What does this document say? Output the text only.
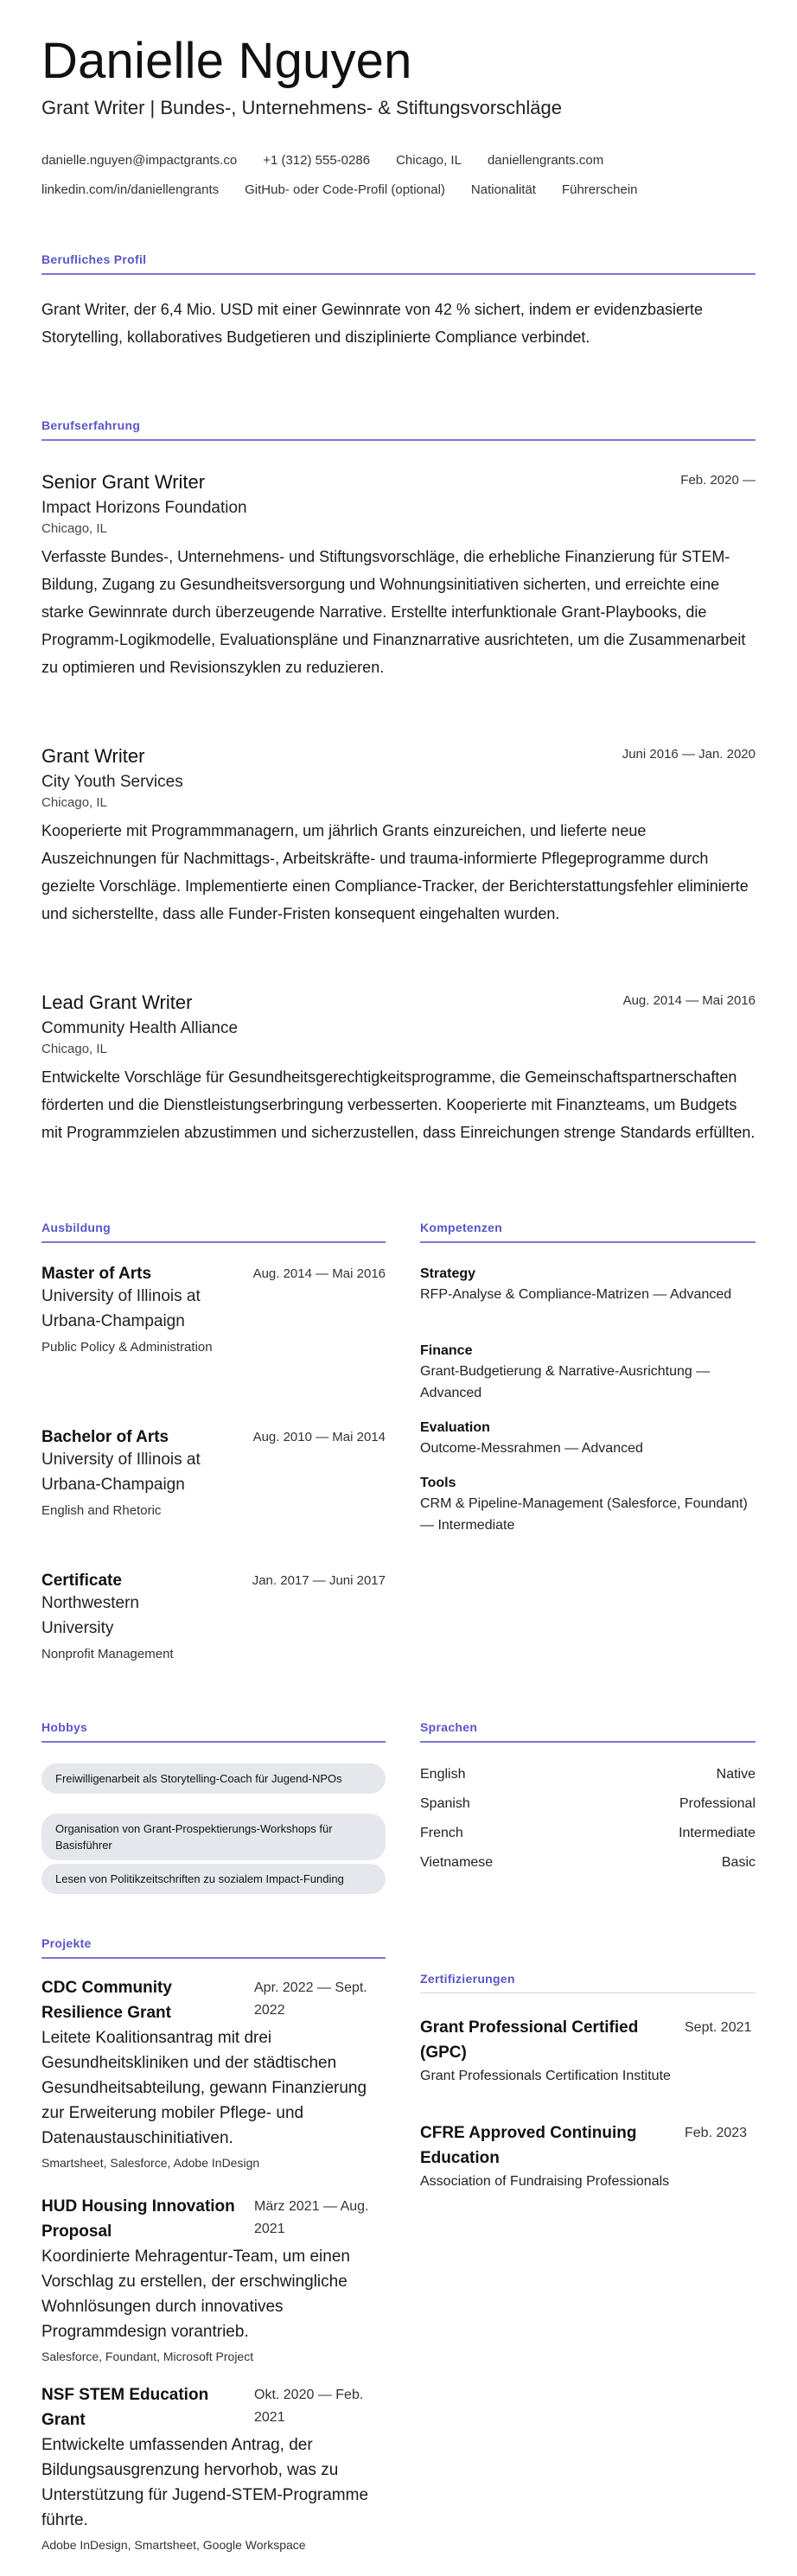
Danielle Nguyen
Grant Writer | Bundes-, Unternehmens- & Stiftungsvorschläge
danielle.nguyen@impactgrants.co +1 (312) 555-0286 Chicago, IL daniellengrants.com
linkedin.com/in/daniellengrants GitHub- oder Code-Profil (optional) Nationalität Führerschein
Berufliches Profil
Grant Writer, der 6,4 Mio. USD mit einer Gewinnrate von 42 % sichert, indem er evidenzbasierte Storytelling, kollaboratives Budgetieren und disziplinierte Compliance verbindet.
Berufserfahrung
Senior Grant Writer	Feb. 2020 —
Impact Horizons Foundation
Chicago, IL
Verfasste Bundes-, Unternehmens- und Stiftungsvorschläge, die erhebliche Finanzierung für STEM-Bildung, Zugang zu Gesundheitsversorgung und Wohnungsinitiativen sicherten, und erreichte eine starke Gewinnrate durch überzeugende Narrative. Erstellte interfunktionale Grant-Playbooks, die Programm-Logikmodelle, Evaluationspläne und Finanznarrative ausrichteten, um die Zusammenarbeit zu optimieren und Revisionszyklen zu reduzieren.
Grant Writer	Juni 2016 — Jan. 2020
City Youth Services
Chicago, IL
Kooperierte mit Programmmanagern, um jährlich Grants einzureichen, und lieferte neue Auszeichnungen für Nachmittags-, Arbeitskräfte- und trauma-informierte Pflegeprogramme durch gezielte Vorschläge. Implementierte einen Compliance-Tracker, der Berichterstattungsfehler eliminierte und sicherstellte, dass alle Funder-Fristen konsequent eingehalten wurden.
Lead Grant Writer	Aug. 2014 — Mai 2016
Community Health Alliance
Chicago, IL
Entwickelte Vorschläge für Gesundheitsgerechtigkeitsprogramme, die Gemeinschaftspartnerschaften förderten und die Dienstleistungserbringung verbesserten. Kooperierte mit Finanzteams, um Budgets mit Programmzielen abzustimmen und sicherzustellen, dass Einreichungen strenge Standards erfüllten.
Ausbildung
Master of Arts	Aug. 2014 — Mai 2016
University of Illinois at Urbana-Champaign
Public Policy & Administration
Bachelor of Arts	Aug. 2010 — Mai 2014
University of Illinois at Urbana-Champaign
English and Rhetoric
Certificate	Jan. 2017 — Juni 2017
Northwestern University
Nonprofit Management
Kompetenzen
Strategy
RFP-Analyse & Compliance-Matrizen — Advanced
Finance
Grant-Budgetierung & Narrative-Ausrichtung — Advanced
Evaluation
Outcome-Messrahmen — Advanced
Tools
CRM & Pipeline-Management (Salesforce, Foundant) — Intermediate
Hobbys
Freiwilligenarbeit als Storytelling-Coach für Jugend-NPOs
Organisation von Grant-Prospektierungs-Workshops für Basisführer
Lesen von Politikzeitschriften zu sozialem Impact-Funding
Sprachen
English	Native
Spanish	Professional
French	Intermediate
Vietnamese	Basic
Projekte
CDC Community Resilience Grant
Apr. 2022 — Sept. 2022
Leitete Koalitionsantrag mit drei Gesundheitskliniken und der städtischen Gesundheitsabteilung, gewann Finanzierung zur Erweiterung mobiler Pflege- und Datenaustauschinitiativen.
Smartsheet, Salesforce, Adobe InDesign
HUD Housing Innovation Proposal
März 2021 — Aug. 2021
Koordinierte Mehragentur-Team, um einen Vorschlag zu erstellen, der erschwingliche Wohnlösungen durch innovatives Programmdesign vorantrieb.
Salesforce, Foundant, Microsoft Project
NSF STEM Education Grant
Okt. 2020 — Feb. 2021
Entwickelte umfassenden Antrag, der Bildungsausgrenzung hervorhob, was zu Unterstützung für Jugend-STEM-Programme führte.
Adobe InDesign, Smartsheet, Google Workspace
Zertifizierungen
Grant Professional Certified (GPC)
Sept. 2021
Grant Professionals Certification Institute
CFRE Approved Continuing Education
Feb. 2023
Association of Fundraising Professionals
